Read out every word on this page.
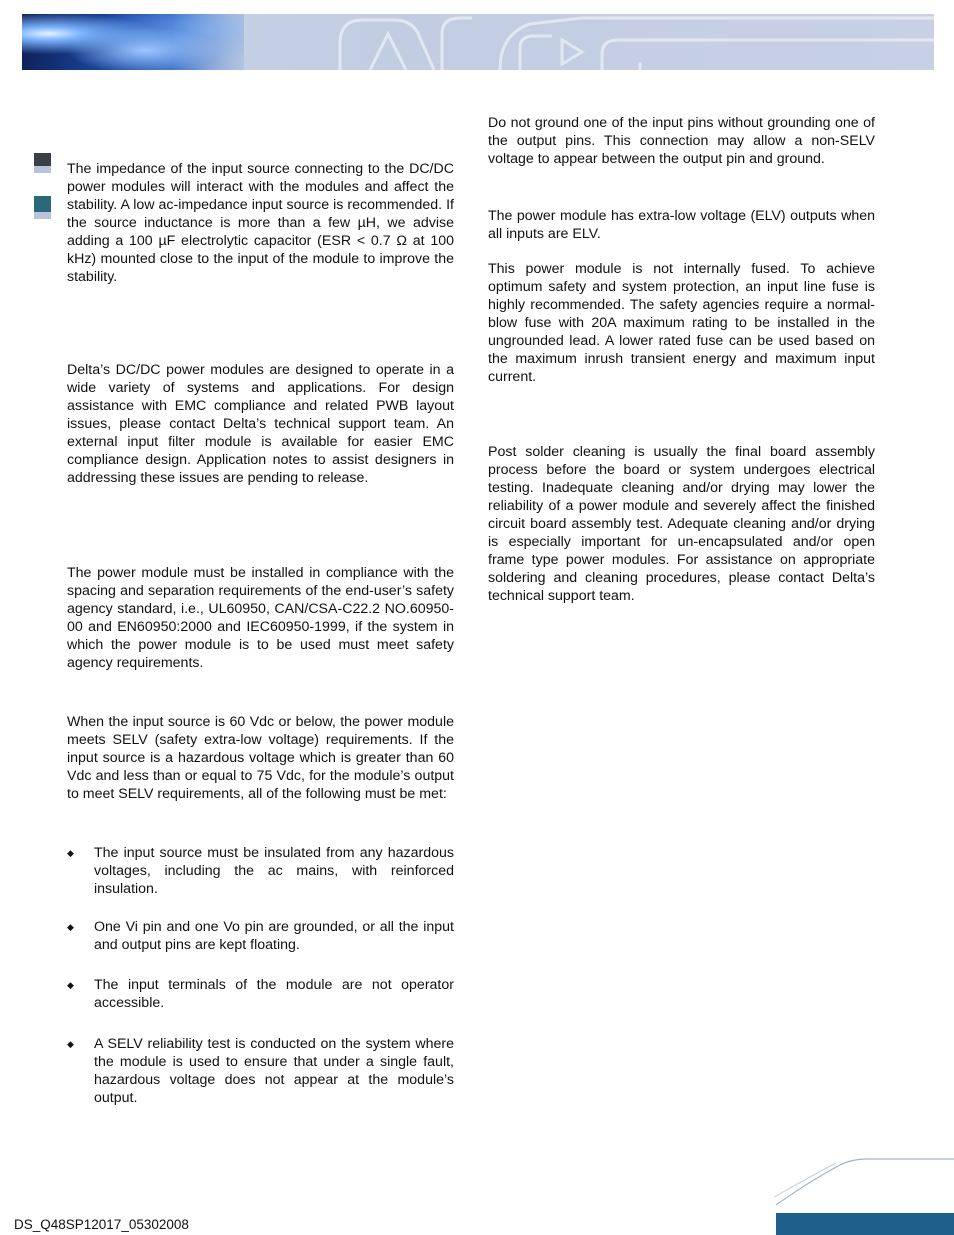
The impedance of the input source connecting to the DC/DC power modules will interact with the modules and affect the stability. A low ac-impedance input source is recommended. If the source inductance is more than a few µH, we advise adding a 100 µF electrolytic capacitor (ESR < 0.7 Ω at 100 kHz) mounted close to the input of the module to improve the stability.

Delta’s DC/DC power modules are designed to operate in a wide variety of systems and applications. For design assistance with EMC compliance and related PWB layout issues, please contact Delta’s technical support team. An external input filter module is available for easier EMC compliance design. Application notes to assist designers in addressing these issues are pending to release.

The power module must be installed in compliance with the spacing and separation requirements of the end-user’s safety agency standard, i.e., UL60950, CAN/CSA-C22.2 NO.60950-00 and EN60950:2000 and IEC60950-1999, if the system in which the power module is to be used must meet safety agency requirements.

When the input source is 60 Vdc or below, the power module meets SELV (safety extra-low voltage) requirements. If the input source is a hazardous voltage which is greater than 60 Vdc and less than or equal to 75 Vdc, for the module’s output to meet SELV requirements, all of the following must be met:

◆ The input source must be insulated from any hazardous voltages, including the ac mains, with reinforced insulation.

◆ One Vi pin and one Vo pin are grounded, or all the input and output pins are kept floating.

◆ The input terminals of the module are not operator accessible.

◆ A SELV reliability test is conducted on the system where the module is used to ensure that under a single fault, hazardous voltage does not appear at the module’s output.

Do not ground one of the input pins without grounding one of the output pins. This connection may allow a non-SELV voltage to appear between the output pin and ground.

The power module has extra-low voltage (ELV) outputs when all inputs are ELV.

This power module is not internally fused. To achieve optimum safety and system protection, an input line fuse is highly recommended. The safety agencies require a normal-blow fuse with 20A maximum rating to be installed in the ungrounded lead. A lower rated fuse can be used based on the maximum inrush transient energy and maximum input current.

Post solder cleaning is usually the final board assembly process before the board or system undergoes electrical testing. Inadequate cleaning and/or drying may lower the reliability of a power module and severely affect the finished circuit board assembly test. Adequate cleaning and/or drying is especially important for un-encapsulated and/or open frame type power modules. For assistance on appropriate soldering and cleaning procedures, please contact Delta’s technical support team.

DS_Q48SP12017_05302008
